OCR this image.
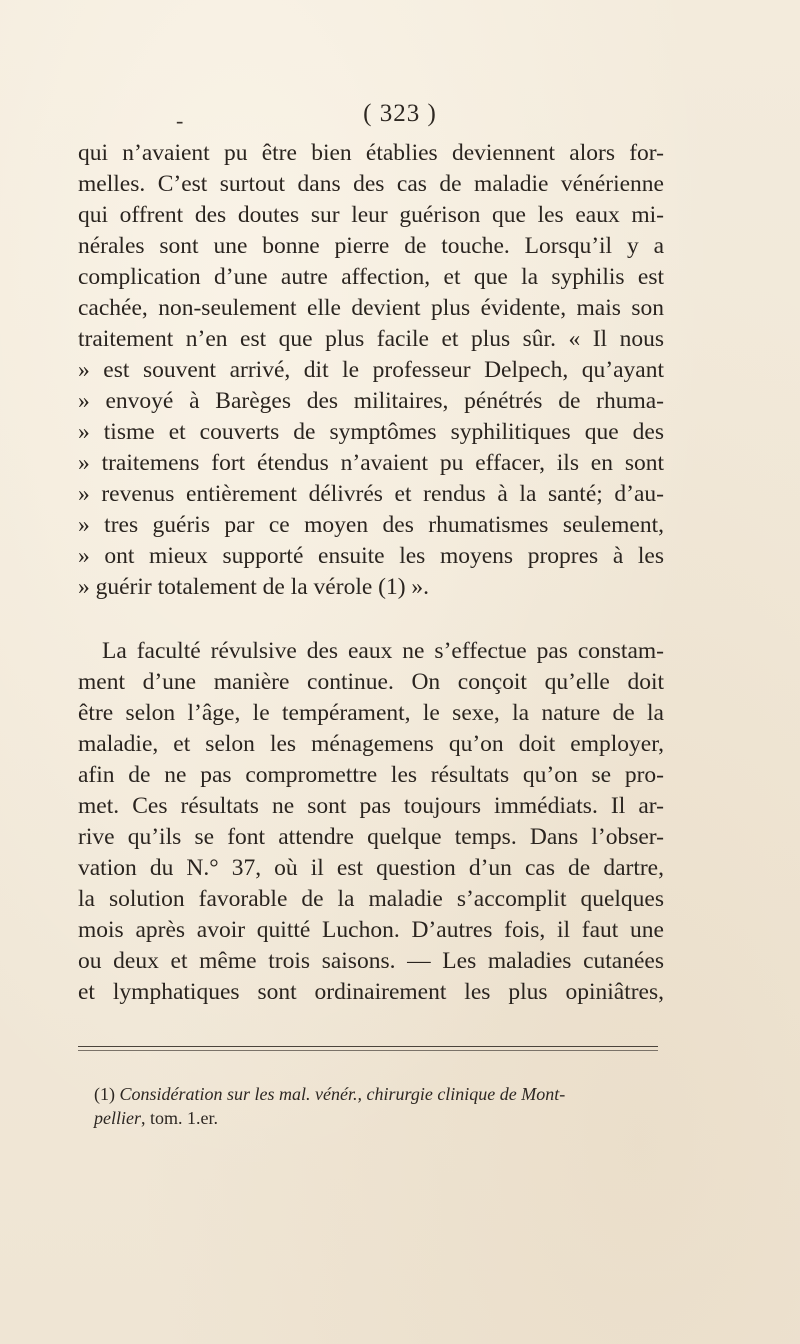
-	( 323 )
qui n’avaient pu être bien établies deviennent alors for-
melles. C’est surtout dans des cas de maladie vénérienne
qui offrent des doutes sur leur guérison que les eaux mi-
nérales sont une bonne pierre de touche. Lorsqu’il y a
complication d’une autre affection, et que la syphilis est
cachée, non-seulement elle devient plus évidente, mais son
traitement n’en est que plus facile et plus sûr. « Il nous
» est souvent arrivé, dit le professeur Delpech, qu’ayant
» envoyé à Barèges des militaires, pénétrés de rhuma-
» tisme et couverts de symptômes syphilitiques que des
» traitemens fort étendus n’avaient pu effacer, ils en sont
» revenus entièrement délivrés et rendus à la santé; d’au-
» tres guéris par ce moyen des rhumatismes seulement,
» ont mieux supporté ensuite les moyens propres à les
» guérir totalement de la vérole (1) ».
La faculté révulsive des eaux ne s’effectue pas constam-
ment d’une manière continue. On conçoit qu’elle doit
être selon l’âge, le tempérament, le sexe, la nature de la
maladie, et selon les ménagemens qu’on doit employer,
afin de ne pas compromettre les résultats qu’on se pro-
met. Ces résultats ne sont pas toujours immédiats. Il ar-
rive qu’ils se font attendre quelque temps. Dans l’obser-
vation du N.° 37, où il est question d’un cas de dartre,
la solution favorable de la maladie s’accomplit quelques
mois après avoir quitté Luchon. D’autres fois, il faut une
ou deux et même trois saisons. — Les maladies cutanées
et lymphatiques sont ordinairement les plus opiniâtres,
(1) Considération sur les mal. vénér., chirurgie clinique de Mont-
pellier, tom. 1.er.
